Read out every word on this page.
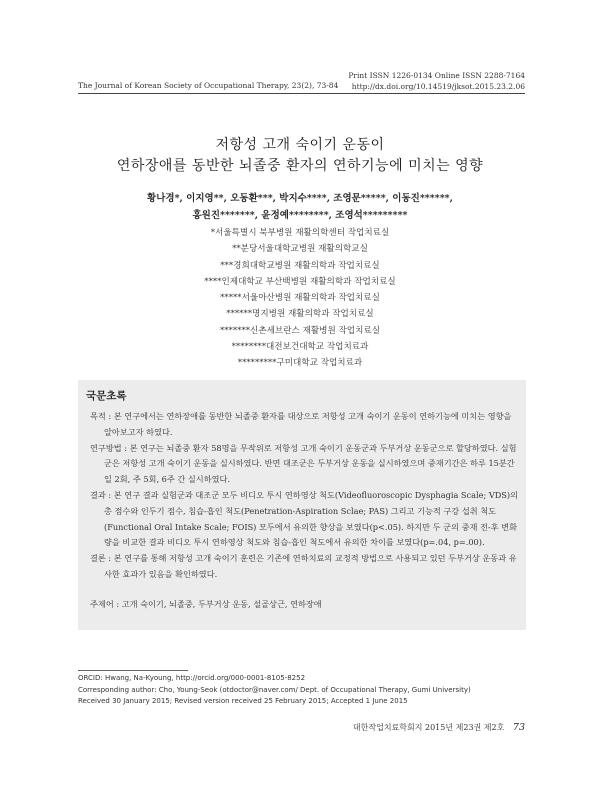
Print ISSN 1226-0134 Online ISSN 2288-7164
http://dx.doi.org/10.14519/jksot.2015.23.2.06
The Journal of Korean Society of Occupational Therapy, 23(2), 73-84
저항성 고개 숙이기 운동이
연하장애를 동반한 뇌졸중 환자의 연하기능에 미치는 영향
황나경*, 이지영**, 오동환***, 박지수****, 조영문*****, 이동진******,
홍원진*******, 윤정예********, 조영석*********
*서울특별시 북부병원 재활의학센터 작업치료실
**분당서울대학교병원 재활의학교실
***경희대학교병원 재활의학과 작업치료실
****인제대학교 부산백병원 재활의학과 작업치료실
*****서울아산병원 재활의학과 작업치료실
******명지병원 재활의학과 작업치료실
*******신촌세브란스 재활병원 작업치료실
********대전보건대학교 작업치료과
*********구미대학교 작업치료과
국문초록

목적 : 본 연구에서는 연하장애를 동반한 뇌졸중 환자를 대상으로 저항성 고개 숙이기 운동이 연하기능에 미치는 영향을 알아보고자 하였다.

연구방법 : 본 연구는 뇌졸중 환자 58명을 무작위로 저항성 고개 숙이기 운동군과 두부거상 운동군으로 할당하였다. 실험군은 저항성 고개 숙이기 운동을 실시하였다. 반면 대조군은 두부거상 운동을 실시하였으며 중재기간은 하루 15분간 일 2회, 주 5회, 6주 간 실시하였다.

결과 : 본 연구 결과 실험군과 대조군 모두 비디오 투시 연하영상 척도(Videofluoroscopic Dysphagia Scale; VDS)의 총 점수와 인두기 점수, 침습-흡인 척도(Penetration-Aspiration Sclae; PAS) 그리고 기능적 구강 섭취 척도(Functional Oral Intake Scale; FOIS) 모두에서 유의한 향상을 보였다(p<.05). 하지만 두 군의 중재 전-후 변화량을 비교한 결과 비디오 투시 연하영상 척도와 침습-흡인 척도에서 유의한 차이를 보였다(p=.04, p=.00).

결론 : 본 연구를 통해 저항성 고개 숙이기 훈련은 기존에 연하치료의 교정적 방법으로 사용되고 있던 두부거상 운동과 유사한 효과가 있음을 확인하였다.

주제어 : 고개 숙이기, 뇌졸중, 두부거상 운동, 설골상근, 연하장애

ORCID: Hwang, Na-Kyoung, http://orcid.org/000-0001-8105-8252
Corresponding author: Cho, Young-Seok (otdoctor@naver.com/ Dept. of Occupational Therapy, Gumi University)
Received 30 January 2015; Revised version received 25 February 2015; Accepted 1 June 2015
대한작업치료학회지 2015년 제23권 제2호 73
